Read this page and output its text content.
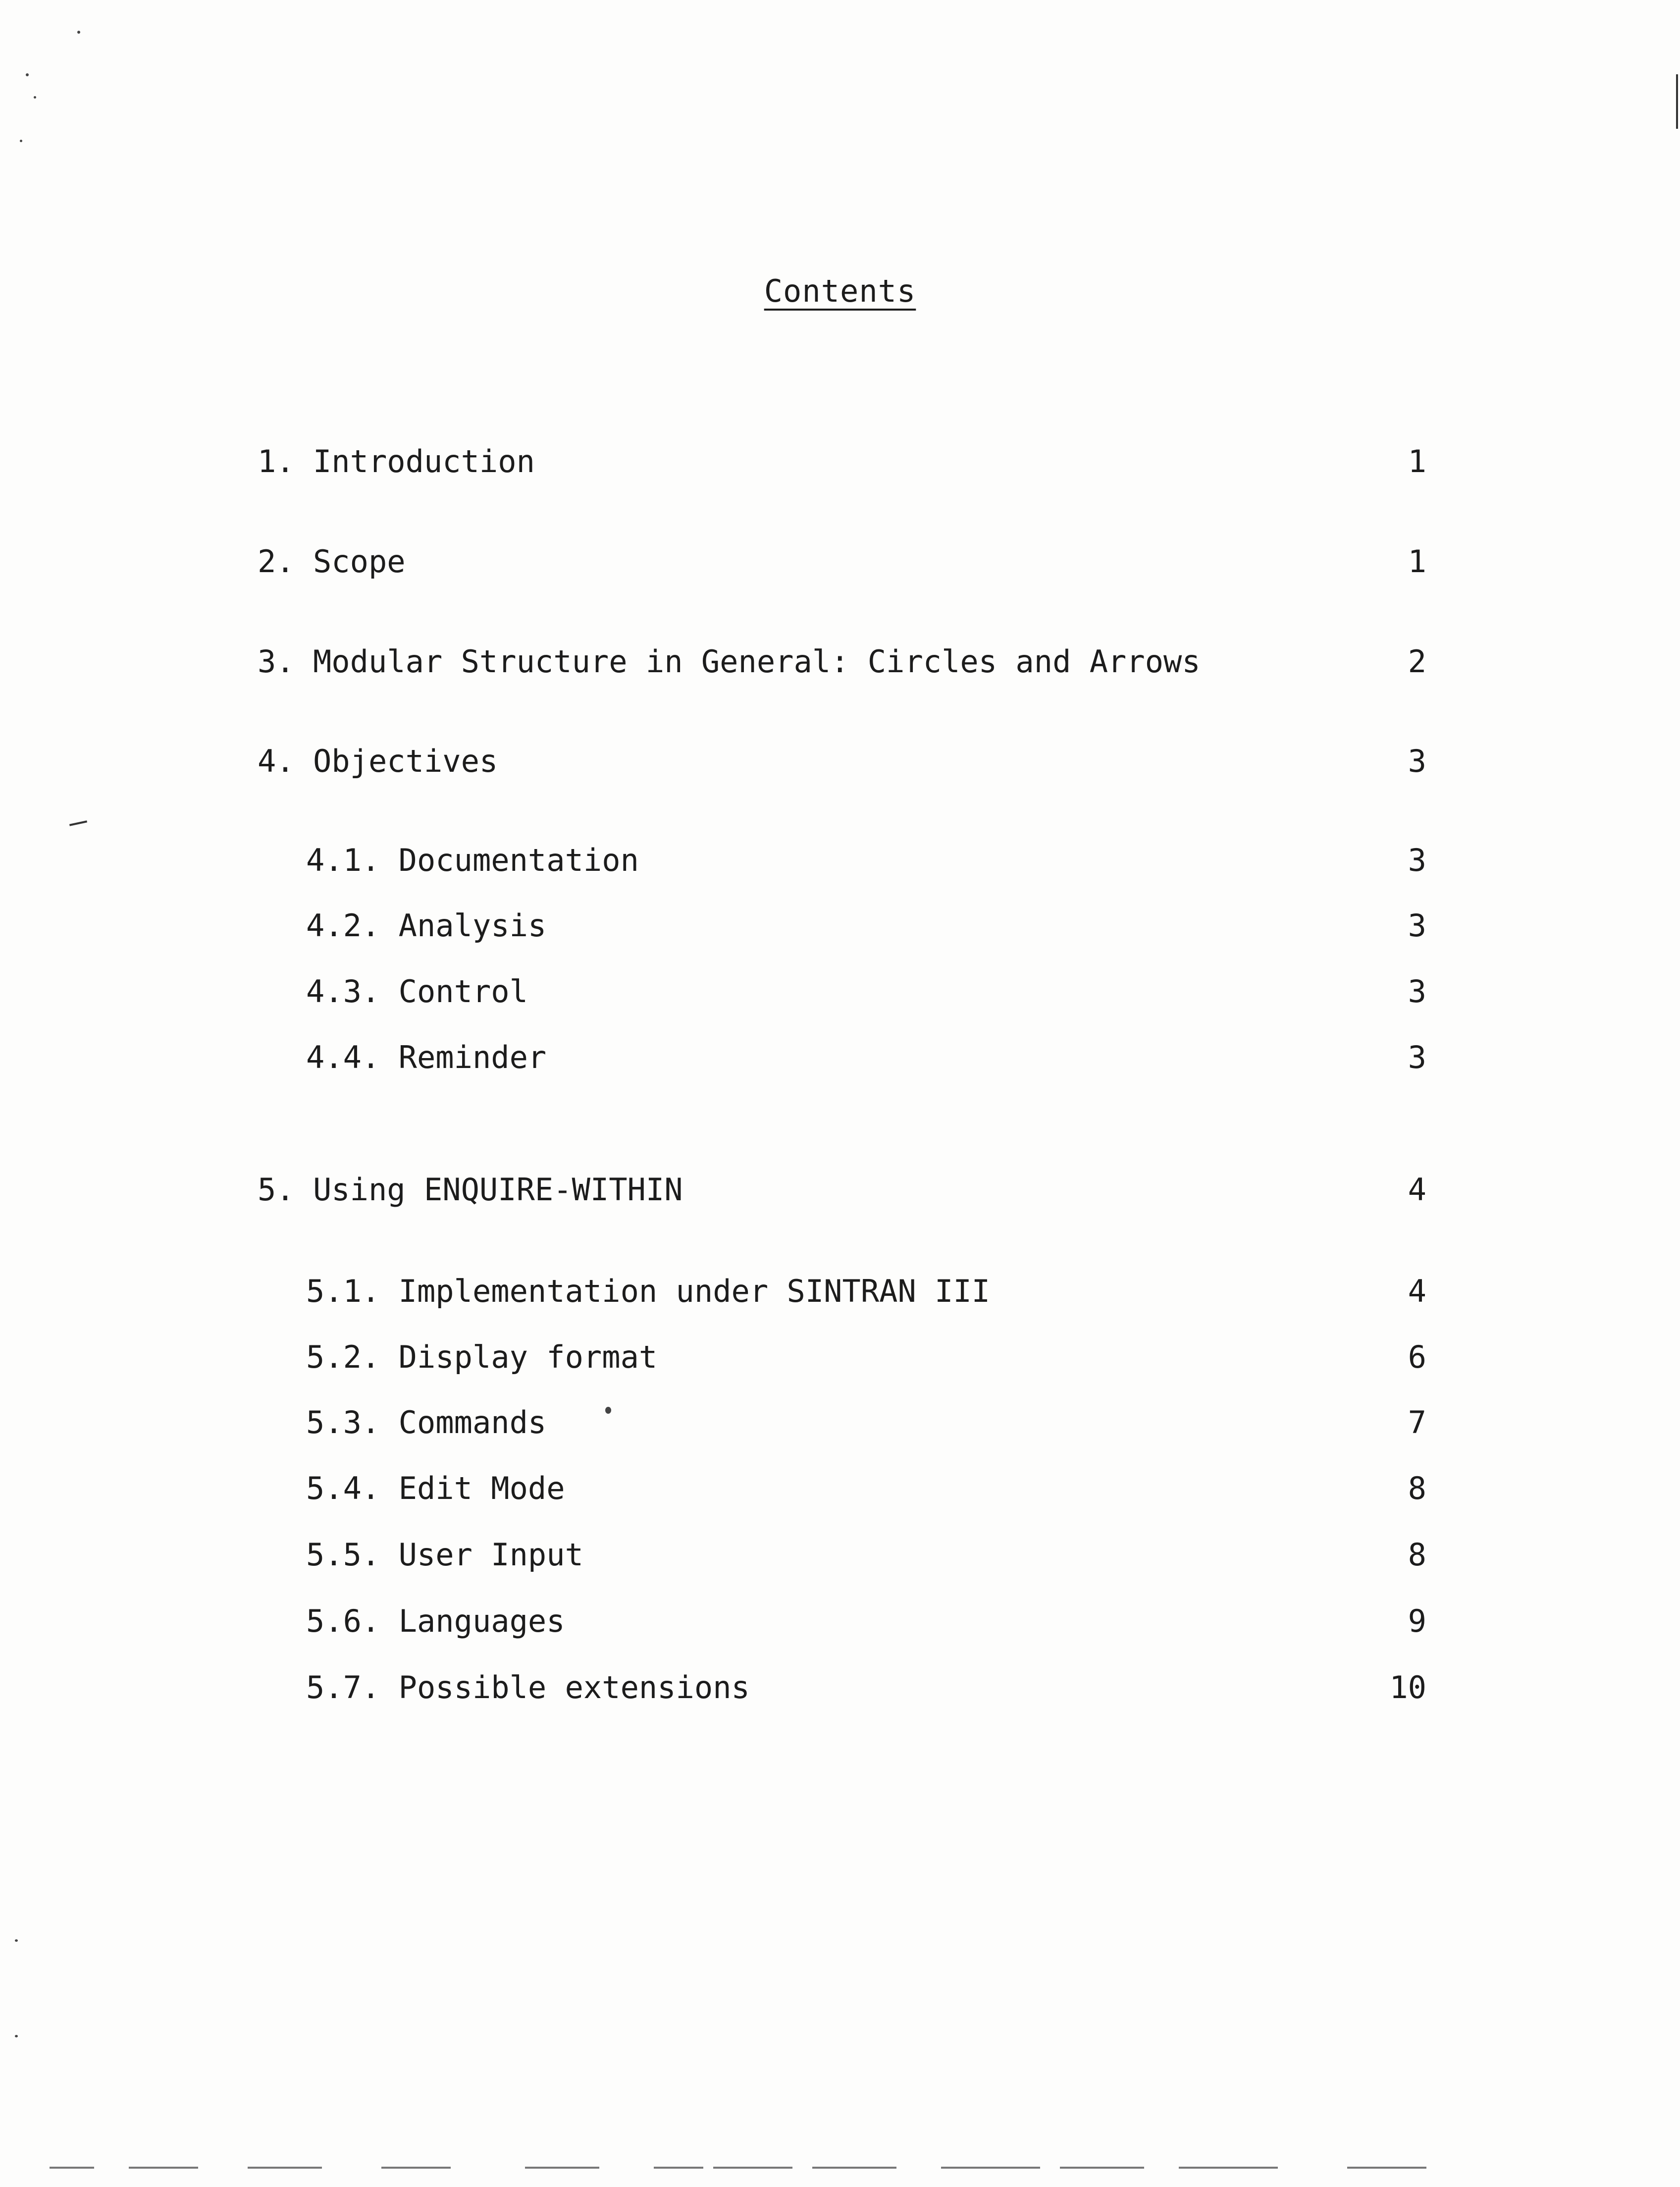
Contents
1. Introduction	1
2. Scope	1
3. Modular Structure in General: Circles and Arrows	2
4. Objectives	3
4.1. Documentation	3
4.2. Analysis	3
4.3. Control	3
4.4. Reminder	3
5. Using ENQUIRE-WITHIN	4
5.1. Implementation under SINTRAN III	4
5.2. Display format	6
5.3. Commands	7
5.4. Edit Mode	8
5.5. User Input	8
5.6. Languages	9
5.7. Possible extensions	10
